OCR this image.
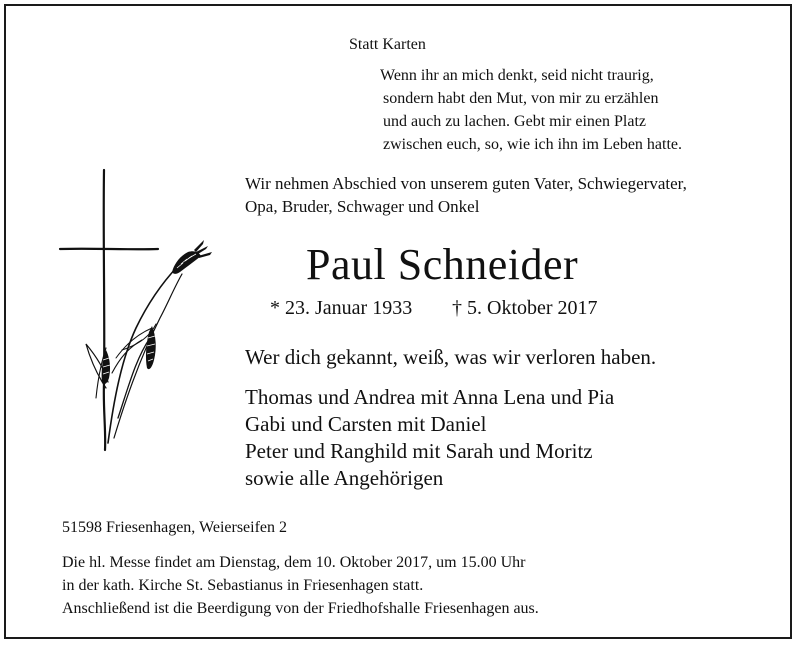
Statt Karten
Wenn ihr an mich denkt, seid nicht traurig,
sondern habt den Mut, von mir zu erzählen
und auch zu lachen. Gebt mir einen Platz
zwischen euch, so, wie ich ihn im Leben hatte.
Wir nehmen Abschied von unserem guten Vater, Schwiegervater,
Opa, Bruder, Schwager und Onkel
Paul Schneider
* 23. Januar 1933 † 5. Oktober 2017
Wer dich gekannt, weiß, was wir verloren haben.
Thomas und Andrea mit Anna Lena und Pia
Gabi und Carsten mit Daniel
Peter und Ranghild mit Sarah und Moritz
sowie alle Angehörigen
51598 Friesenhagen, Weierseifen 2
Die hl. Messe findet am Dienstag, dem 10. Oktober 2017, um 15.00 Uhr
in der kath. Kirche St. Sebastianus in Friesenhagen statt.
Anschließend ist die Beerdigung von der Friedhofshalle Friesenhagen aus.
